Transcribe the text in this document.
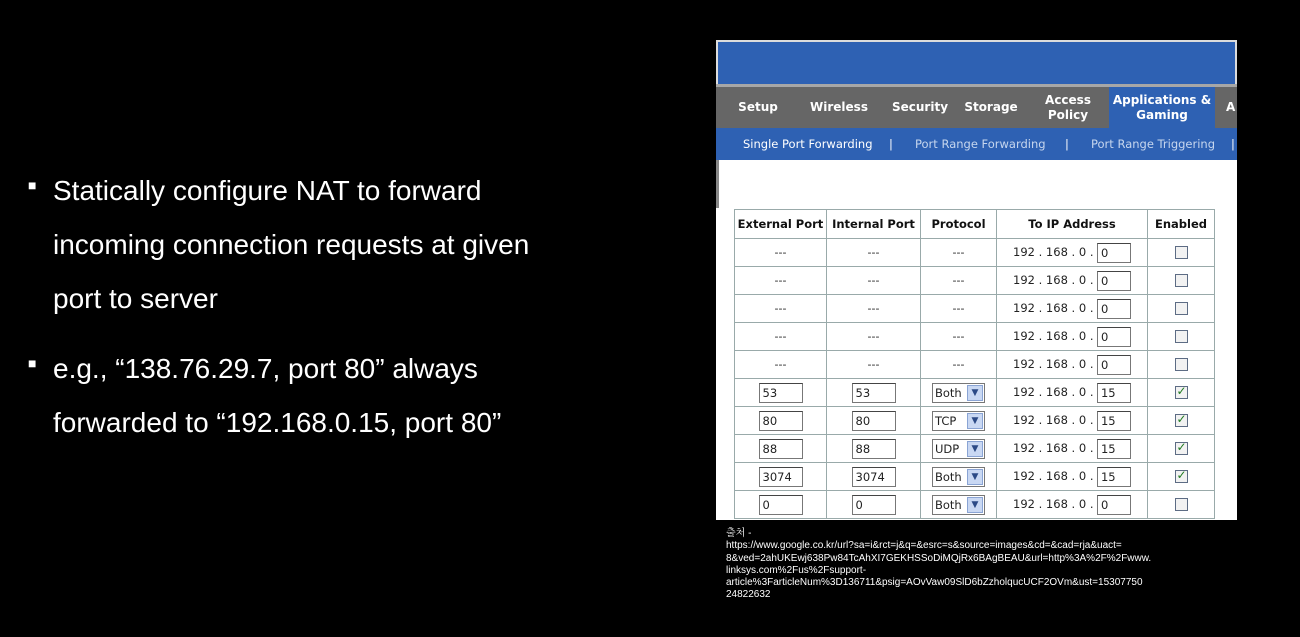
■ Statically configure NAT to forward
incoming connection requests at given
port to server
■ e.g., “138.76.29.7, port 80” always
forwarded to “192.168.0.15, port 80”
Setup	Wireless	Security	Storage
Access Policy
Applications & Gaming
A
Single Port Forwarding | Port Range Forwarding | Port Range Triggering |
External Port	Internal Port	Protocol	To IP Address	Enabled
---	---	---	192 . 168 . 0 . 0	
---	---	---	192 . 168 . 0 . 0	
---	---	---	192 . 168 . 0 . 0	
---	---	---	192 . 168 . 0 . 0	
---	---	---	192 . 168 . 0 . 0	
53	53	Both ▼	192 . 168 . 0 . 15	✓
80	80	TCP ▼	192 . 168 . 0 . 15	✓
88	88	UDP ▼	192 . 168 . 0 . 15	✓
3074	3074	Both ▼	192 . 168 . 0 . 15	✓
0	0	Both ▼	192 . 168 . 0 . 0	
출처 -
https://www.google.co.kr/url?sa=i&rct=j&q=&esrc=s&source=images&cd=&cad=rja&uact=
8&ved=2ahUKEwj638Pw84TcAhXI7GEKHSSoDiMQjRx6BAgBEAU&url=http%3A%2F%2Fwww.
linksys.com%2Fus%2Fsupport-
article%3FarticleNum%3D136711&psig=AOvVaw09SlD6bZzholqucUCF2OVm&ust=15307750
24822632
